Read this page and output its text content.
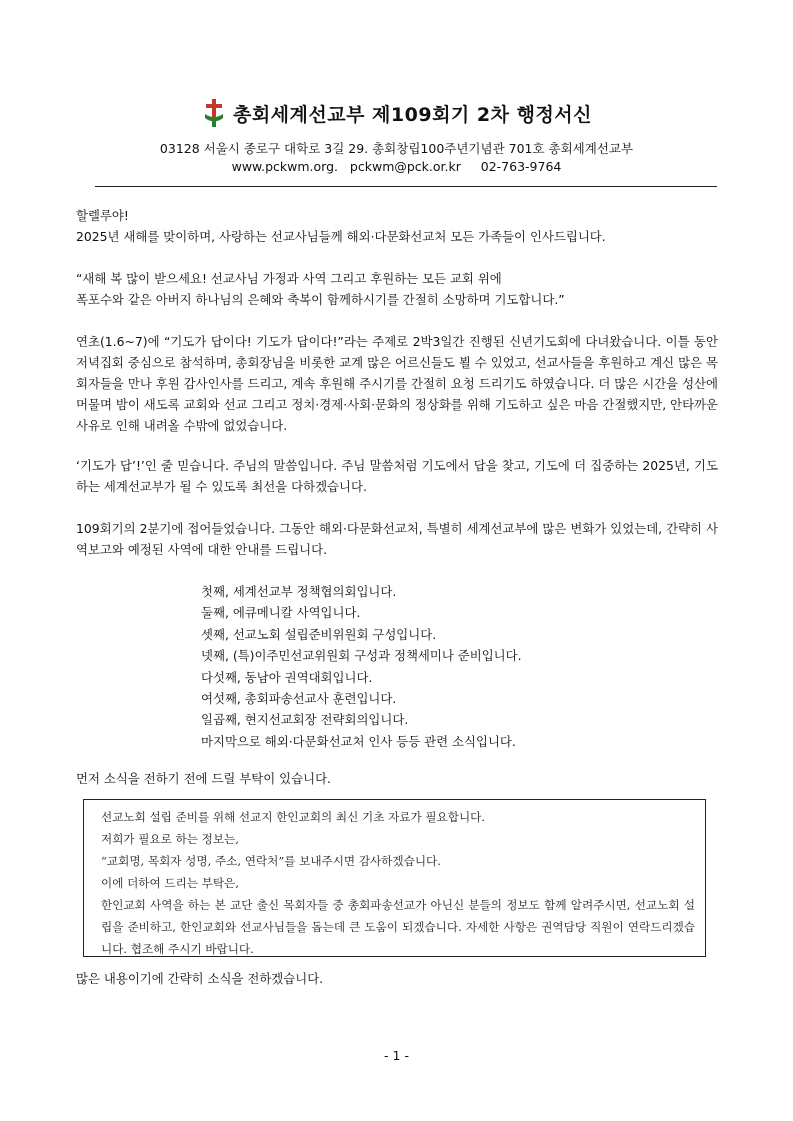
총회세계선교부 제109회기 2차 행정서신
03128 서울시 종로구 대학로 3길 29. 총회창립100주년기념관 701호 총회세계선교부
www.pckwm.org. pckwm@pck.or.kr 02-763-9764

할렐루야!

2025년 새해를 맞이하며, 사랑하는 선교사님들께 해외·다문화선교처 모든 가족들이 인사드립니다.

“새해 복 많이 받으세요! 선교사님 가정과 사역 그리고 후원하는 모든 교회 위에

폭포수와 같은 아버지 하나님의 은혜와 축복이 함께하시기를 간절히 소망하며 기도합니다.”

연초(1.6~7)에 “기도가 답이다! 기도가 답이다!”라는 주제로 2박3일간 진행된 신년기도회에 다녀왔습니다. 이틀 동안 저녁집회 중심으로 참석하며, 총회장님을 비롯한 교계 많은 어르신들도 뵐 수 있었고, 선교사들을 후원하고 계신 많은 목회자들을 만나 후원 감사인사를 드리고, 계속 후원해 주시기를 간절히 요청 드리기도 하였습니다. 더 많은 시간을 성산에 머물며 밤이 새도록 교회와 선교 그리고 정치·경제·사회·문화의 정상화를 위해 기도하고 싶은 마음 간절했지만, 안타까운 사유로 인해 내려올 수밖에 없었습니다.

‘기도가 답’!’인 줄 믿습니다. 주님의 말씀입니다. 주님 말씀처럼 기도에서 답을 찾고, 기도에 더 집중하는 2025년, 기도하는 세계선교부가 될 수 있도록 최선을 다하겠습니다.

109회기의 2분기에 접어들었습니다. 그동안 해외·다문화선교처, 특별히 세계선교부에 많은 변화가 있었는데, 간략히 사역보고와 예정된 사역에 대한 안내를 드립니다.

첫째, 세계선교부 정책협의회입니다.
둘째, 에큐메니칼 사역입니다.
셋째, 선교노회 설립준비위원회 구성입니다.
넷째, (특)이주민선교위원회 구성과 정책세미나 준비입니다.
다섯째, 동남아 권역대회입니다.
여섯째, 총회파송선교사 훈련입니다.
일곱째, 현지선교회장 전략회의입니다.
마지막으로 해외·다문화선교처 인사 등등 관련 소식입니다.

먼저 소식을 전하기 전에 드릴 부탁이 있습니다.

선교노회 설립 준비를 위해 선교지 한인교회의 최신 기초 자료가 필요합니다.
저희가 필요로 하는 정보는,
“교회명, 목회자 성명, 주소, 연락처”를 보내주시면 감사하겠습니다.
이에 더하여 드리는 부탁은,
한인교회 사역을 하는 본 교단 출신 목회자들 중 총회파송선교가 아닌신 분들의 정보도 함께 알려주시면, 선교노회 설립을 준비하고, 한인교회와 선교사님들을 돕는데 큰 도움이 되겠습니다. 자세한 사항은 권역담당 직원이 연락드리겠습니다. 협조해 주시기 바랍니다.

많은 내용이기에 간략히 소식을 전하겠습니다.

- 1 -
